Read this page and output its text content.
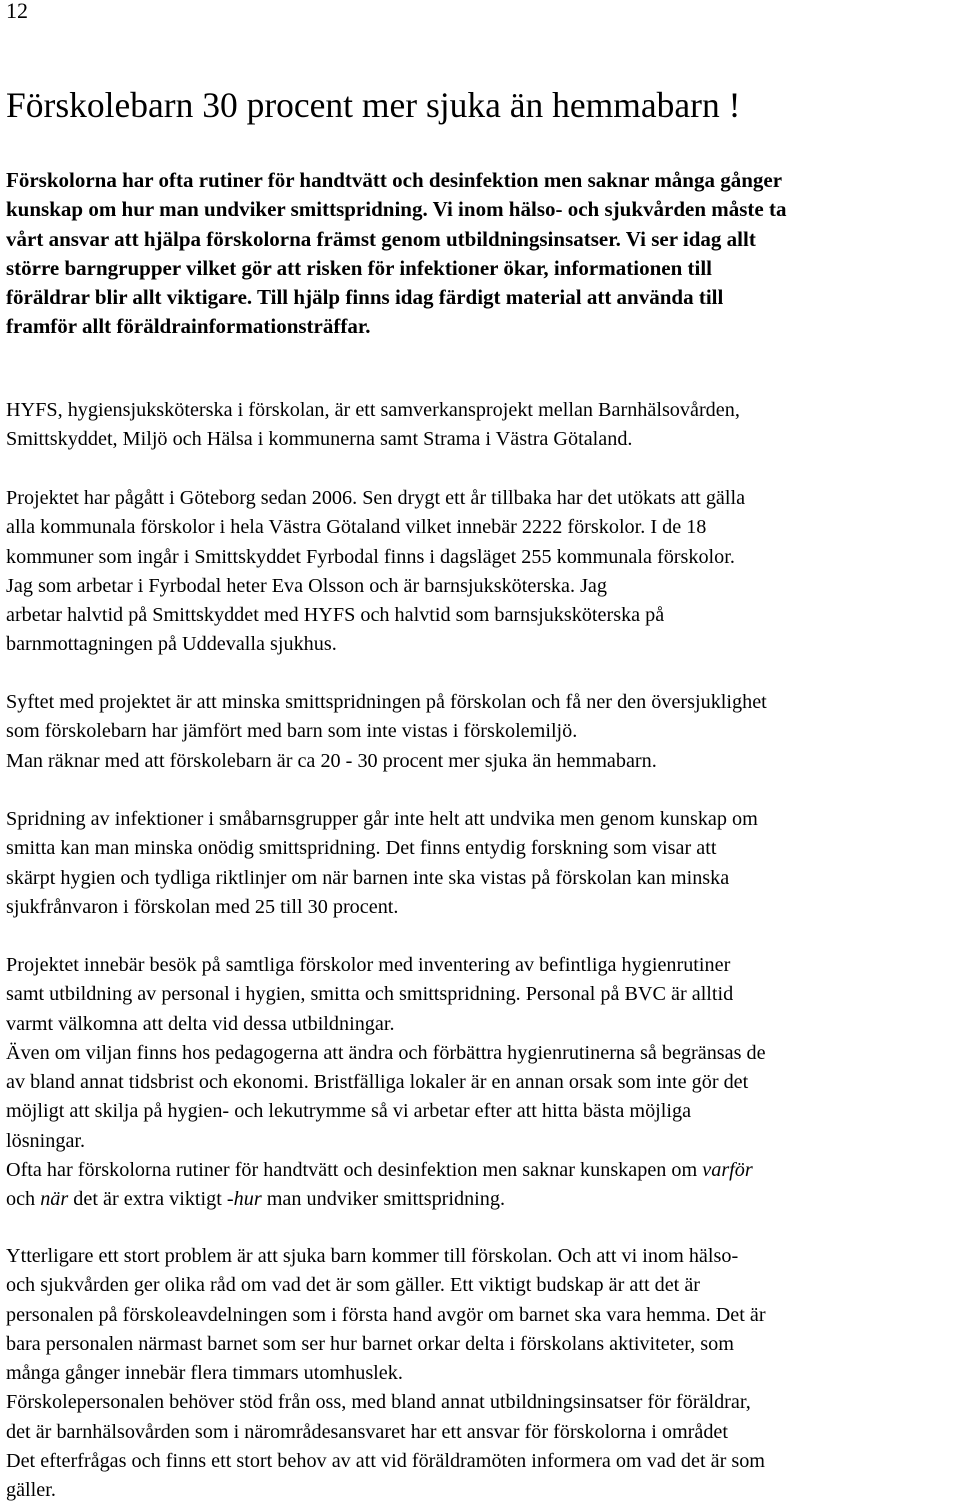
12
Förskolebarn 30 procent mer sjuka än hemmabarn !

Förskolorna har ofta rutiner för handtvätt och desinfektion men saknar många gånger
kunskap om hur man undviker smittspridning. Vi inom hälso- och sjukvården måste ta
vårt ansvar att hjälpa förskolorna främst genom utbildningsinsatser. Vi ser idag allt
större barngrupper vilket gör att risken för infektioner ökar, informationen till
föräldrar blir allt viktigare. Till hjälp finns idag färdigt material att använda till
framför allt föräldrainformationsträffar.

HYFS, hygiensjuksköterska i förskolan, är ett samverkansprojekt mellan Barnhälsovården,
Smittskyddet, Miljö och Hälsa i kommunerna samt Strama i Västra Götaland.

Projektet har pågått i Göteborg sedan 2006. Sen drygt ett år tillbaka har det utökats att gälla
alla kommunala förskolor i hela Västra Götaland vilket innebär 2222 förskolor. I de 18
kommuner som ingår i Smittskyddet Fyrbodal finns i dagsläget 255 kommunala förskolor.
Jag som arbetar i Fyrbodal heter Eva Olsson och är barnsjuksköterska. Jag
arbetar halvtid på Smittskyddet med HYFS och halvtid som barnsjuksköterska på
barnmottagningen på Uddevalla sjukhus.

Syftet med projektet är att minska smittspridningen på förskolan och få ner den översjuklighet
som förskolebarn har jämfört med barn som inte vistas i förskolemiljö.
Man räknar med att förskolebarn är ca 20 - 30 procent mer sjuka än hemmabarn.

Spridning av infektioner i småbarnsgrupper går inte helt att undvika men genom kunskap om
smitta kan man minska onödig smittspridning. Det finns entydig forskning som visar att
skärpt hygien och tydliga riktlinjer om när barnen inte ska vistas på förskolan kan minska
sjukfrånvaron i förskolan med 25 till 30 procent.

Projektet innebär besök på samtliga förskolor med inventering av befintliga hygienrutiner
samt utbildning av personal i hygien, smitta och smittspridning. Personal på BVC är alltid
varmt välkomna att delta vid dessa utbildningar.
Även om viljan finns hos pedagogerna att ändra och förbättra hygienrutinerna så begränsas de
av bland annat tidsbrist och ekonomi. Bristfälliga lokaler är en annan orsak som inte gör det
möjligt att skilja på hygien- och lekutrymme så vi arbetar efter att hitta bästa möjliga
lösningar.
Ofta har förskolorna rutiner för handtvätt och desinfektion men saknar kunskapen om varför
och när det är extra viktigt -hur man undviker smittspridning.

Ytterligare ett stort problem är att sjuka barn kommer till förskolan. Och att vi inom hälso-
och sjukvården ger olika råd om vad det är som gäller. Ett viktigt budskap är att det är
personalen på förskoleavdelningen som i första hand avgör om barnet ska vara hemma. Det är
bara personalen närmast barnet som ser hur barnet orkar delta i förskolans aktiviteter, som
många gånger innebär flera timmars utomhuslek.
Förskolepersonalen behöver stöd från oss, med bland annat utbildningsinsatser för föräldrar,
det är barnhälsovården som i närområdesansvaret har ett ansvar för förskolorna i området
Det efterfrågas och finns ett stort behov av att vid föräldramöten informera om vad det är som
gäller.
